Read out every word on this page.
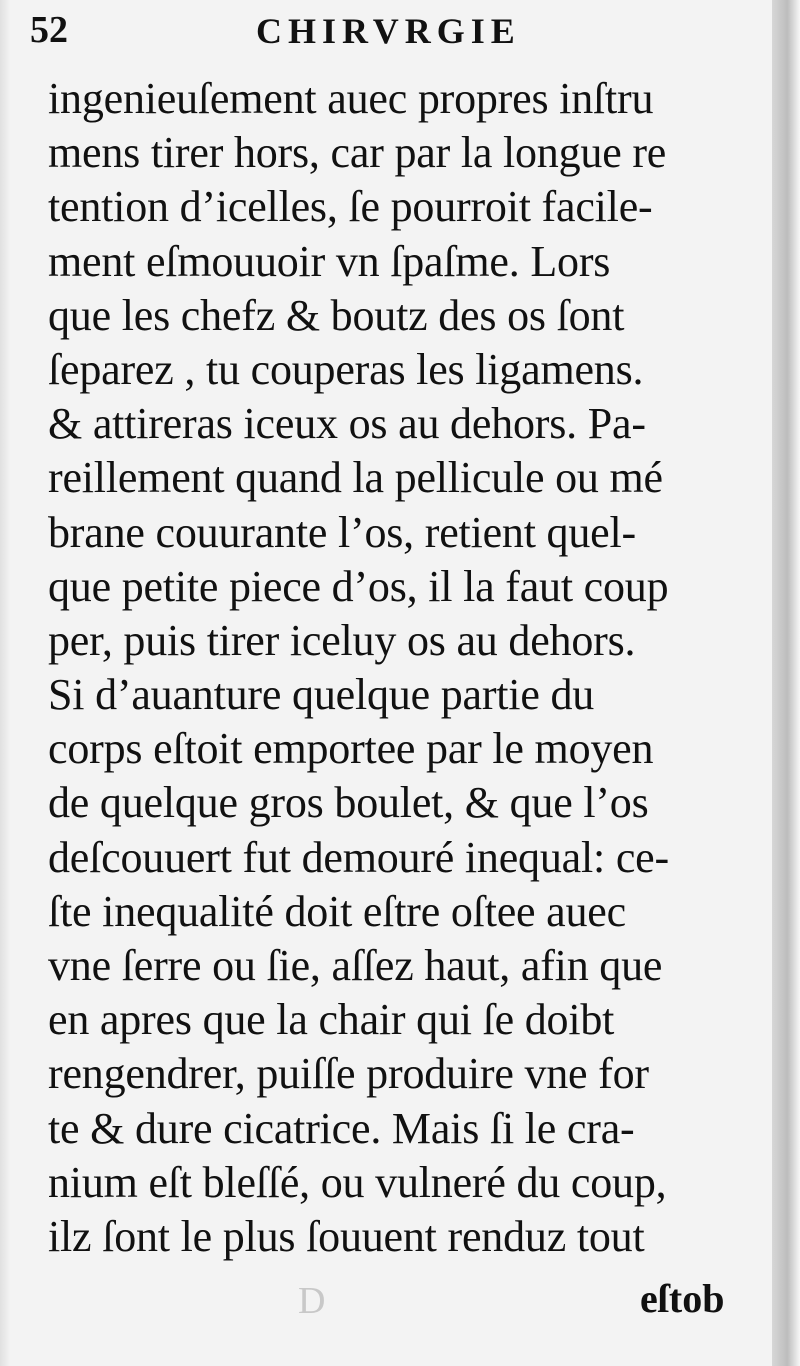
52	CHIRVRGIE
ingenieuſement auec propres inſtru
mens tirer hors, car par la longue re
tention d’icelles, ſe pourroit facile-
ment eſmouuoir vn ſpaſme. Lors
que les chefz & boutz des os ſont
ſeparez , tu couperas les ligamens.
& attireras iceux os au dehors. Pa-
reillement quand la pellicule ou mé
brane couurante l’os, retient quel-
que petite piece d’os, il la faut coup
per, puis tirer iceluy os au dehors.
Si d’auanture quelque partie du
corps eſtoit emportee par le moyen
de quelque gros boulet, & que l’os
deſcouuert fut demouré inequal: ce-
ſte inequalité doit eſtre oſtee auec
vne ſerre ou ſie, aſſez haut, afin que
en apres que la chair qui ſe doibt
rengendrer, puiſſe produire vne for
te & dure cicatrice. Mais ſi le cra-
nium eſt bleſſé, ou vulneré du coup,
ilz ſont le plus ſouuent renduz tout
D	eſtob
